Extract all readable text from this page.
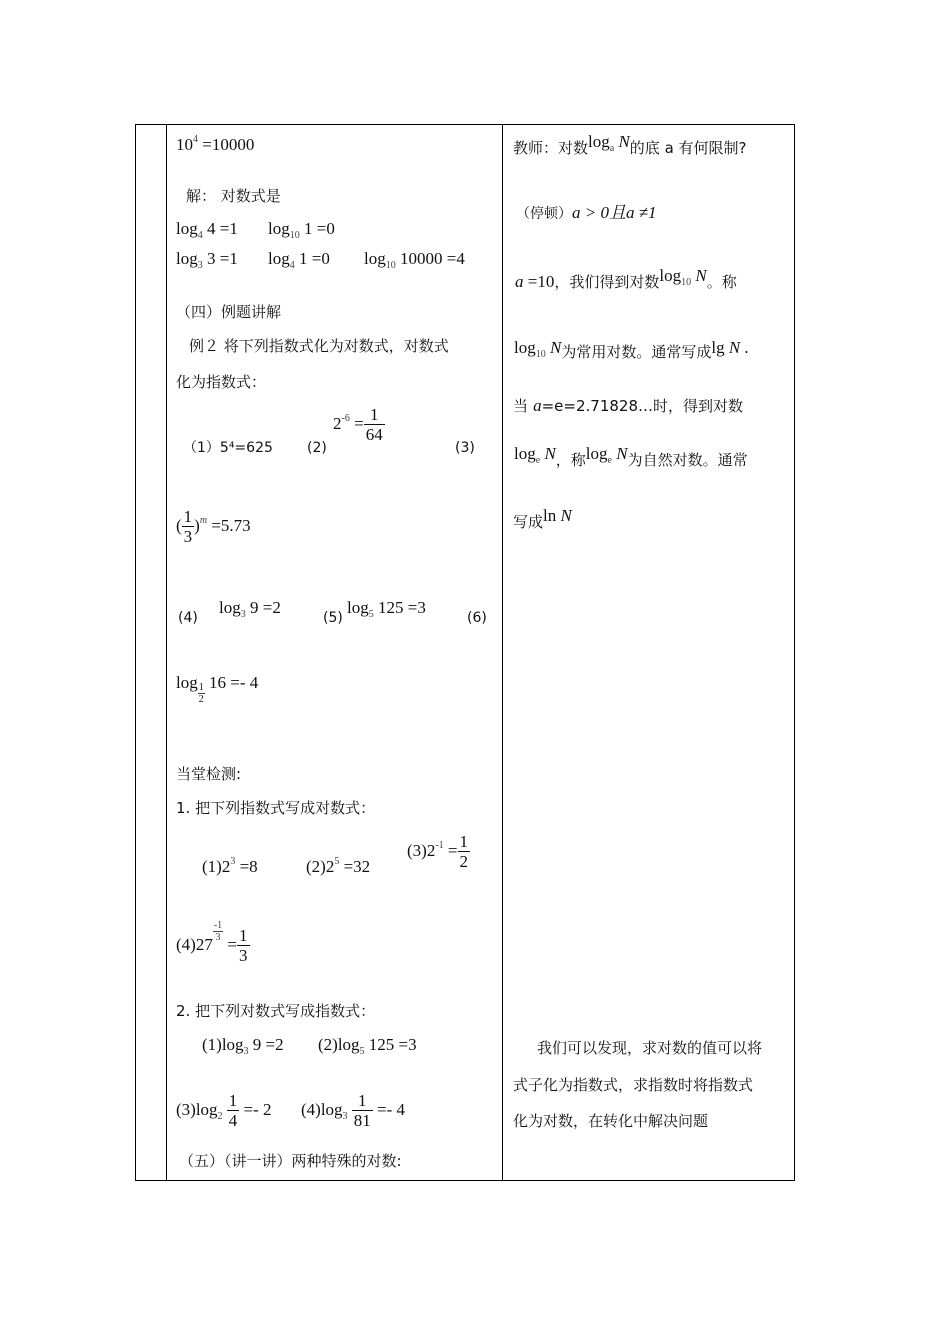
$10^4 =10000$
解： 对数式是
$\log_4 4 =1$ $\log_{10} 1 =0$
$\log_3 3 =1$ $\log_4 1 =0$ $\log_{10} 10000 =4$
（四）例题讲解
例２ 将下列指数式化为对数式，对数式
化为指数式：
（1）5⁴=625 (2)
$2^{-6} = \frac{1}{64}$
(3)
( $\frac{1}{3} )^m =5.73$
(4)
$\log_3 9 =2$
(5)
$\log_5 125 =3$
(6)
$\log \frac{1}{2} 16 =- 4$
当堂检测:
1. 把下列指数式写成对数式：
$(1)2^3 =8$	$(2)2^5 =32$
$(3)2^{-1} = \frac{1}{2}$
(4)27
$^{\frac{-1}{3}}$
= $\frac{1}{3}$
2. 把下列对数式写成指数式：
$(1)\log_3$ 9 =2 $(2)\log_5$ 125 =3
$(3)\log_2 \frac{1}{4} =- 2$ $(4)\log_3 \frac{1}{81} =- 4$
（五）（讲一讲）两种特殊的对数:
教师：对数$\log_a N$的底 a 有何限制?
（停顿）a > 0且a ≠1
a =10，我们得到对数$\log_{10} N$。称
$\log_{10} N$为常用对数。通常写成lg N .
当 a=e=2.71828…时，得到对数
$\log_e N$，称$\log_e N$为自然对数。通常
写成ln N
我们可以发现，求对数的值可以将
式子化为指数式，求指数时将指数式
化为对数，在转化中解决问题
